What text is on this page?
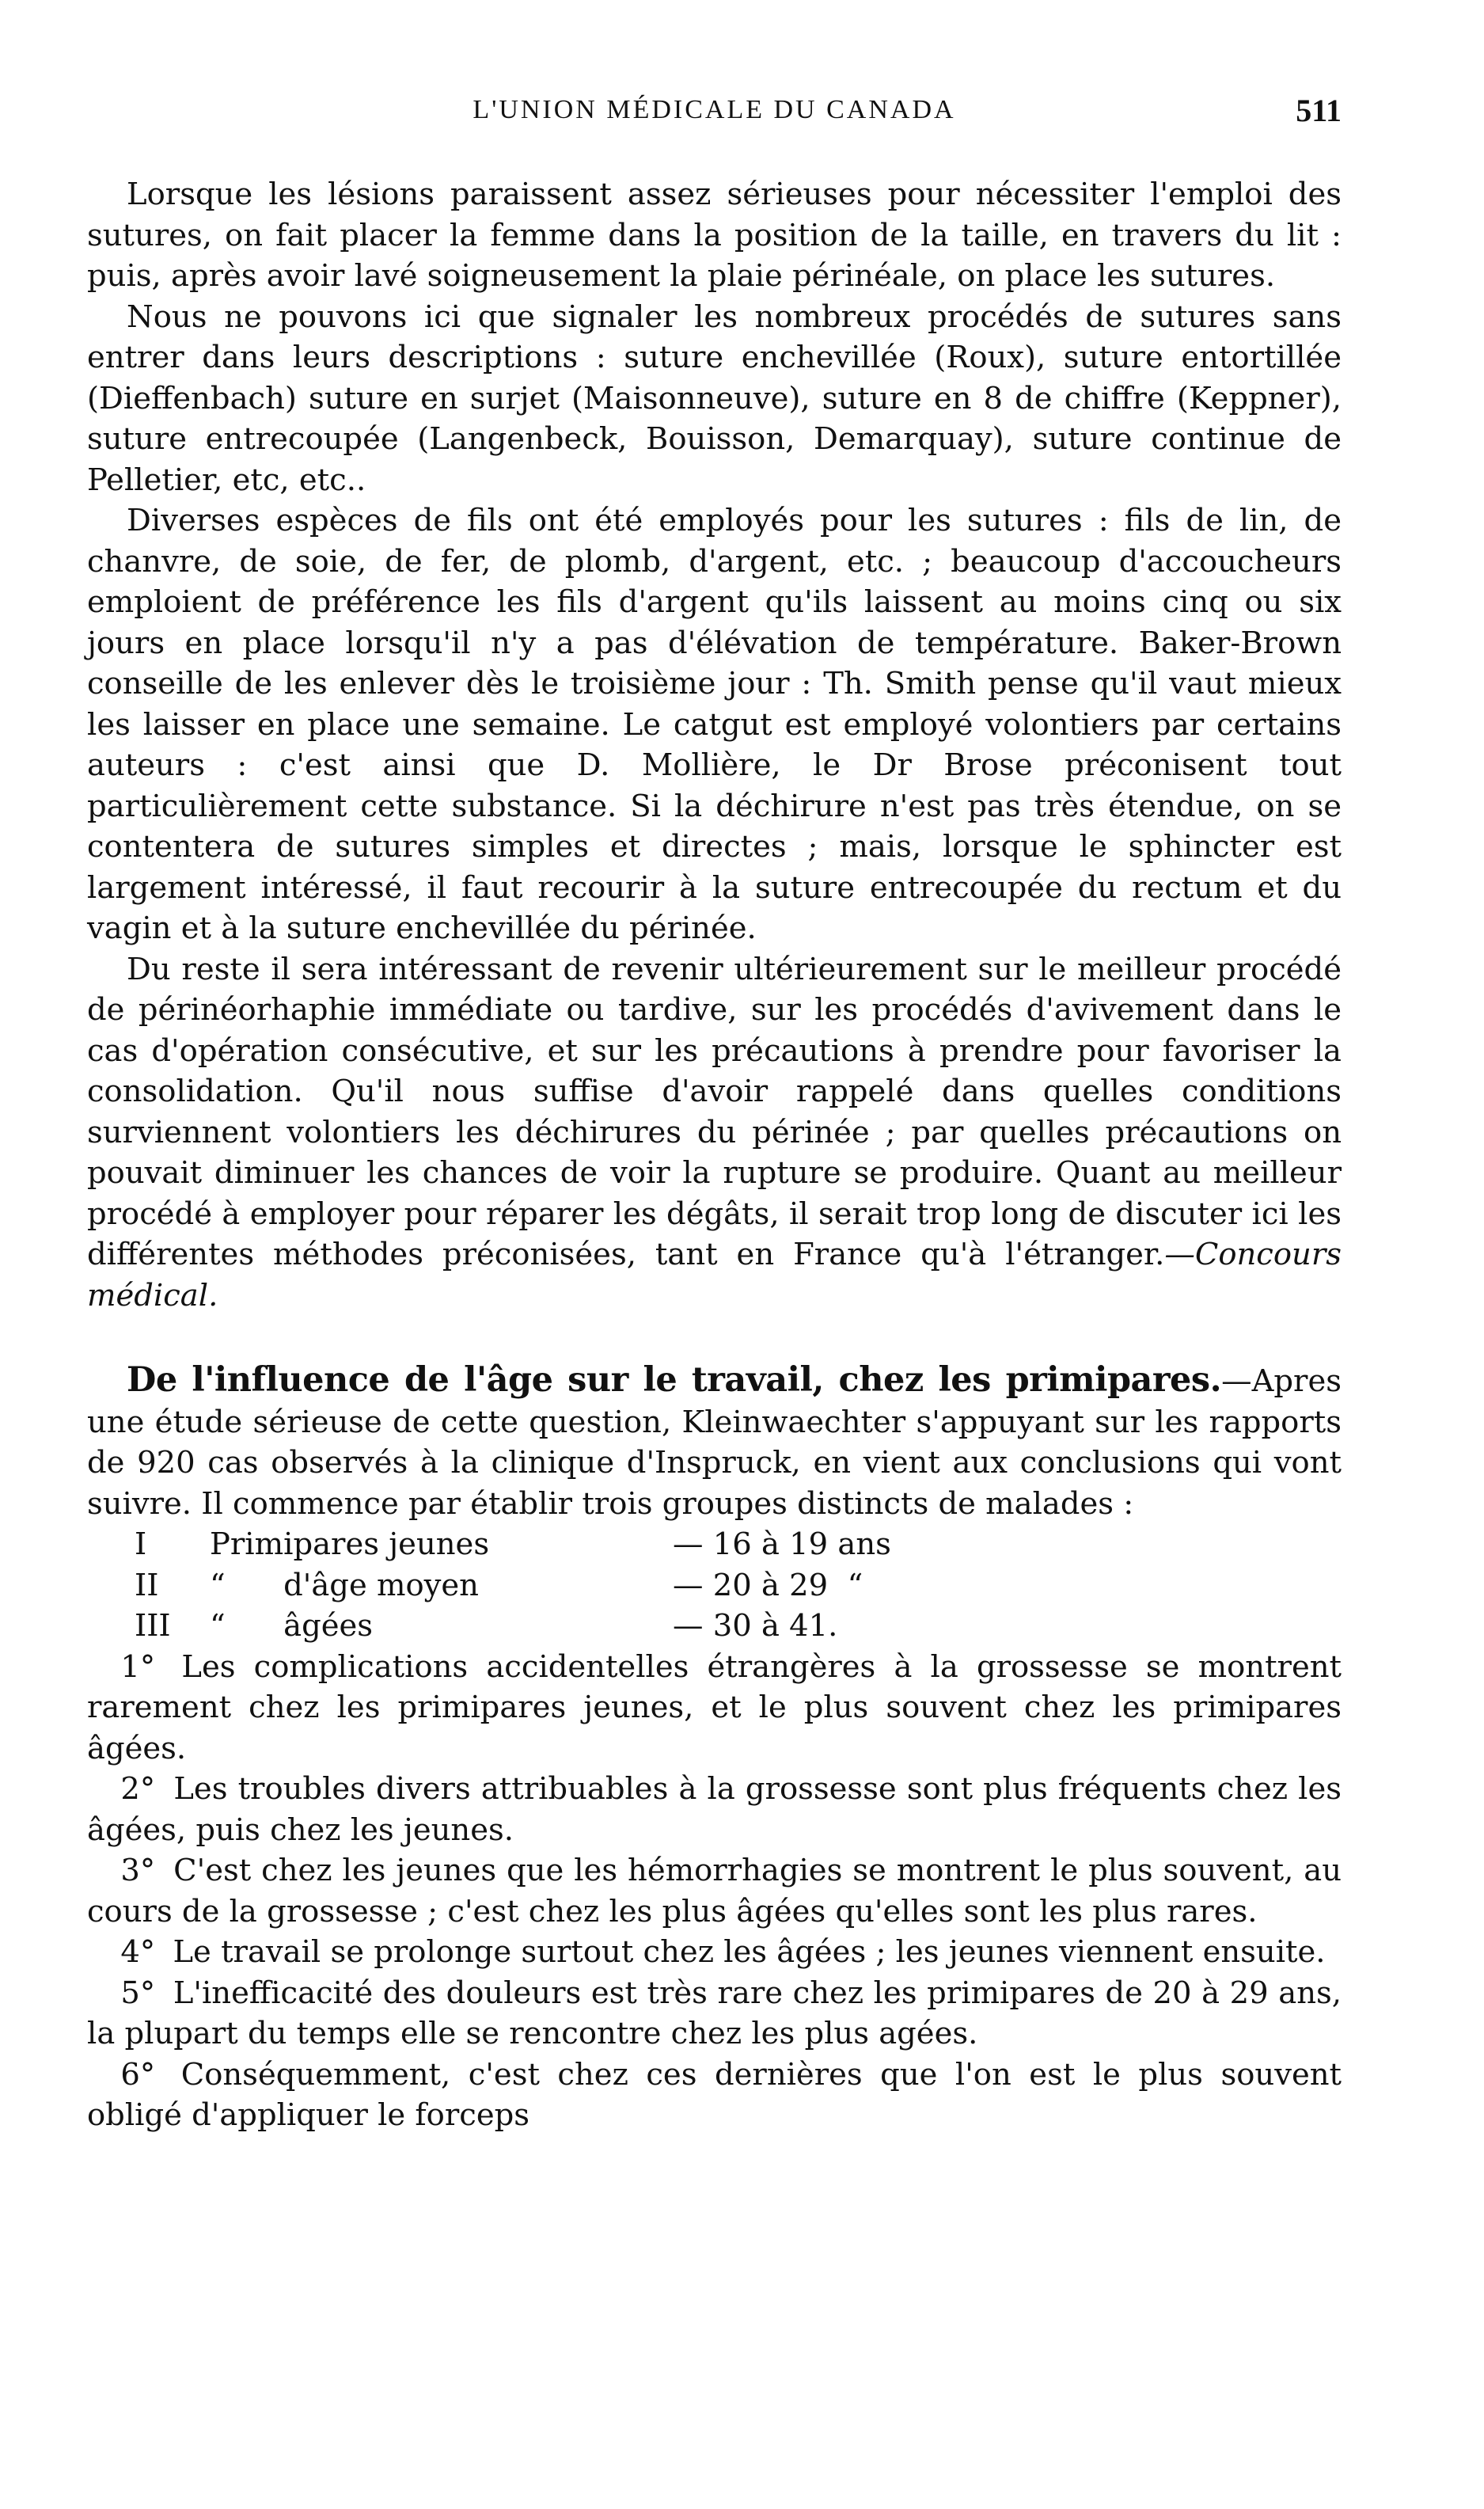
L'UNION MÉDICALE DU CANADA	511

Lorsque les lésions paraissent assez sérieuses pour nécessiter l'emploi des sutures, on fait placer la femme dans la position de la taille, en travers du lit : puis, après avoir lavé soigneusement la plaie périnéale, on place les sutures.

Nous ne pouvons ici que signaler les nombreux procédés de sutures sans entrer dans leurs descriptions : suture enchevillée (Roux), suture entortillée (Dieffenbach) suture en surjet (Maisonneuve), suture en 8 de chiffre (Keppner), suture entrecoupée (Langenbeck, Bouisson, Demarquay), suture continue de Pelletier, etc, etc..

Diverses espèces de fils ont été employés pour les sutures : fils de lin, de chanvre, de soie, de fer, de plomb, d'argent, etc. ; beaucoup d'accoucheurs emploient de préférence les fils d'argent qu'ils laissent au moins cinq ou six jours en place lorsqu'il n'y a pas d'élévation de température. Baker-Brown conseille de les enlever dès le troisième jour : Th. Smith pense qu'il vaut mieux les laisser en place une semaine. Le catgut est employé volontiers par certains auteurs : c'est ainsi que D. Mollière, le Dr Brose préconisent tout particulièrement cette substance. Si la déchirure n'est pas très étendue, on se contentera de sutures simples et directes ; mais, lorsque le sphincter est largement intéressé, il faut recourir à la suture entrecoupée du rectum et du vagin et à la suture enchevillée du périnée.

Du reste il sera intéressant de revenir ultérieurement sur le meilleur procédé de périnéorhaphie immédiate ou tardive, sur les procédés d'avivement dans le cas d'opération consécutive, et sur les précautions à prendre pour favoriser la consolidation. Qu'il nous suffise d'avoir rappelé dans quelles conditions surviennent volontiers les déchirures du périnée ; par quelles précautions on pouvait diminuer les chances de voir la rupture se produire. Quant au meilleur procédé à employer pour réparer les dégâts, il serait trop long de discuter ici les différentes méthodes préconisées, tant en France qu'à l'étranger.—Concours médical.

De l'influence de l'âge sur le travail, chez les primipares.—Apres une étude sérieuse de cette question, Kleinwaechter s'appuyant sur les rapports de 920 cas observés à la clinique d'Inspruck, en vient aux conclusions qui vont suivre. Il commence par établir trois groupes distincts de malades :

I	Primipares jeunes	— 16 à 19 ans
II	“      d'âge moyen	— 20 à 29  “
III	“      âgées	— 30 à 41.

1° Les complications accidentelles étrangères à la grossesse se montrent rarement chez les primipares jeunes, et le plus souvent chez les primipares âgées.

2° Les troubles divers attribuables à la grossesse sont plus fréquents chez les âgées, puis chez les jeunes.

3° C'est chez les jeunes que les hémorrhagies se montrent le plus souvent, au cours de la grossesse ; c'est chez les plus âgées qu'elles sont les plus rares.

4° Le travail se prolonge surtout chez les âgées ; les jeunes viennent ensuite.

5° L'inefficacité des douleurs est très rare chez les primipares de 20 à 29 ans, la plupart du temps elle se rencontre chez les plus agées.

6° Conséquemment, c'est chez ces dernières que l'on est le plus souvent obligé d'appliquer le forceps
